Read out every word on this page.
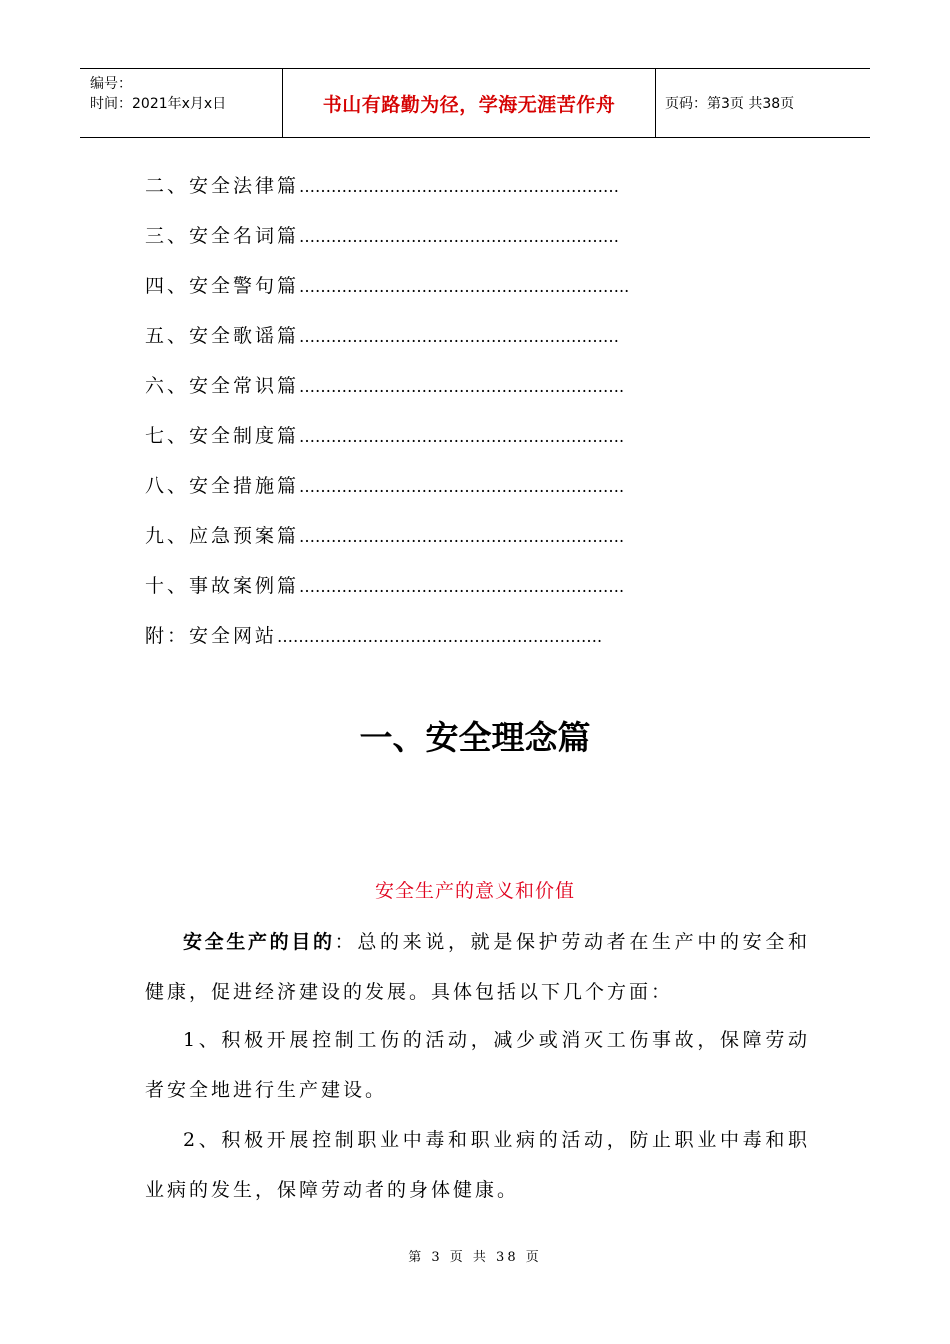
编号：
时间：2021年x月x日	书山有路勤为径，学海无涯苦作舟	页码：第3页 共38页
二、安全法律篇……………………………………………………
三、安全名词篇……………………………………………………
四、安全警句篇……………………………………………………..
五、安全歌谣篇……………………………………………………
六、安全常识篇…………………………………………………….
七、安全制度篇…………………………………………………….
八、安全措施篇…………………………………………………….
九、应急预案篇…………………………………………………….
十、事故案例篇…………………………………………………….
附：安全网站…………………………………………………….
一、安全理念篇
安全生产的意义和价值
安全生产的目的：总的来说，就是保护劳动者在生产中的安全和健康，促进经济建设的发展。具体包括以下几个方面：
1、积极开展控制工伤的活动，减少或消灭工伤事故，保障劳动者安全地进行生产建设。
2、积极开展控制职业中毒和职业病的活动，防止职业中毒和职业病的发生，保障劳动者的身体健康。
第 3 页 共 38 页
